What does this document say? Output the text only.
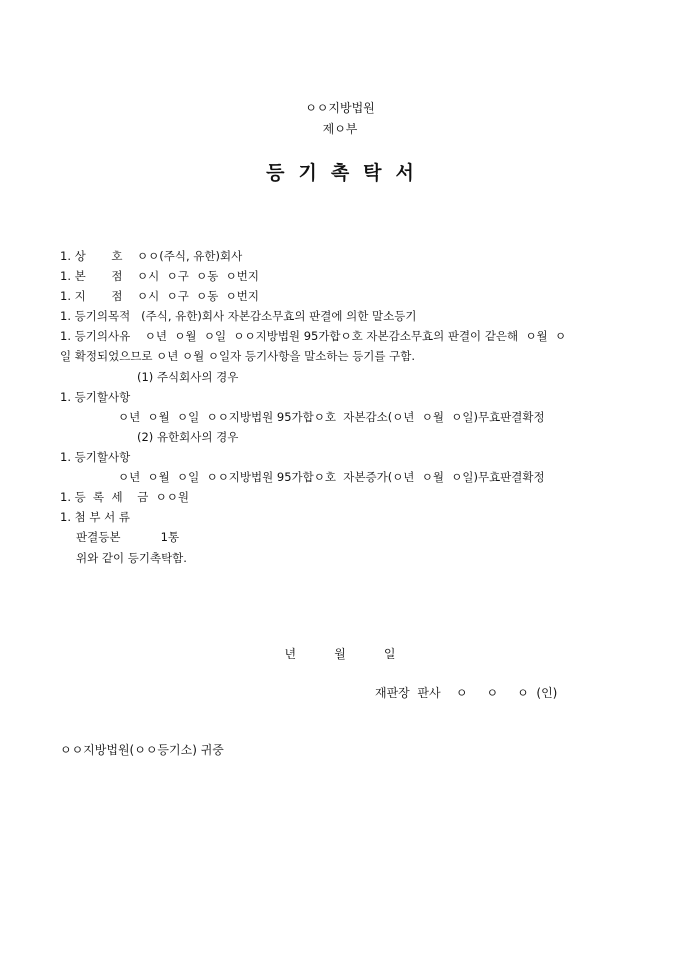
ㅇㅇ지방법원
제ㅇ부
등기촉탁서
1. 상       호    ㅇㅇ(주식, 유한)회사
1. 본       점    ㅇ시  ㅇ구  ㅇ동  ㅇ번지
1. 지       점    ㅇ시  ㅇ구  ㅇ동  ㅇ번지
1. 등기의목적   (주식, 유한)회사 자본감소무효의 판결에 의한 말소등기
1. 등기의사유    ㅇ년  ㅇ월  ㅇ일  ㅇㅇ지방법원 95가합ㅇ호 자본감소무효의 판결이 같은해  ㅇ월  ㅇ
일 확정되었으므로 ㅇ년 ㅇ월 ㅇ일자 등기사항을 말소하는 등기를 구함.
(1) 주식회사의 경우
1. 등기할사항
ㅇ년  ㅇ월  ㅇ일  ㅇㅇ지방법원 95가합ㅇ호  자본감소(ㅇ년  ㅇ월  ㅇ일)무효판결확정
(2) 유한회사의 경우
1. 등기할사항
ㅇ년  ㅇ월  ㅇ일  ㅇㅇ지방법원 95가합ㅇ호  자본증가(ㅇ년  ㅇ월  ㅇ일)무효판결확정
1. 등  록  세    금  ㅇㅇ원
1. 첨 부 서 류
판결등본           1통
위와 같이 등기촉탁함.
년          월          일
재판장  판사    ㅇ     ㅇ     ㅇ  (인)
ㅇㅇ지방법원(ㅇㅇ등기소) 귀중
